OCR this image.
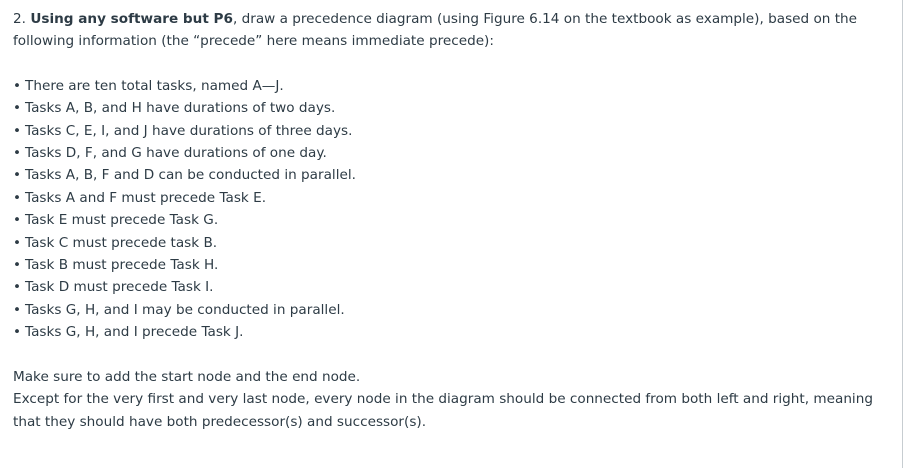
2. Using any software but P6, draw a precedence diagram (using Figure 6.14 on the textbook as example), based on the following information (the “precede” here means immediate precede):

• There are ten total tasks, named A—J.
• Tasks A, B, and H have durations of two days.
• Tasks C, E, I, and J have durations of three days.
• Tasks D, F, and G have durations of one day.
• Tasks A, B, F and D can be conducted in parallel.
• Tasks A and F must precede Task E.
• Task E must precede Task G.
• Task C must precede task B.
• Task B must precede Task H.
• Task D must precede Task I.
• Tasks G, H, and I may be conducted in parallel.
• Tasks G, H, and I precede Task J.

Make sure to add the start node and the end node.

Except for the very first and very last node, every node in the diagram should be connected from both left and right, meaning that they should have both predecessor(s) and successor(s).
